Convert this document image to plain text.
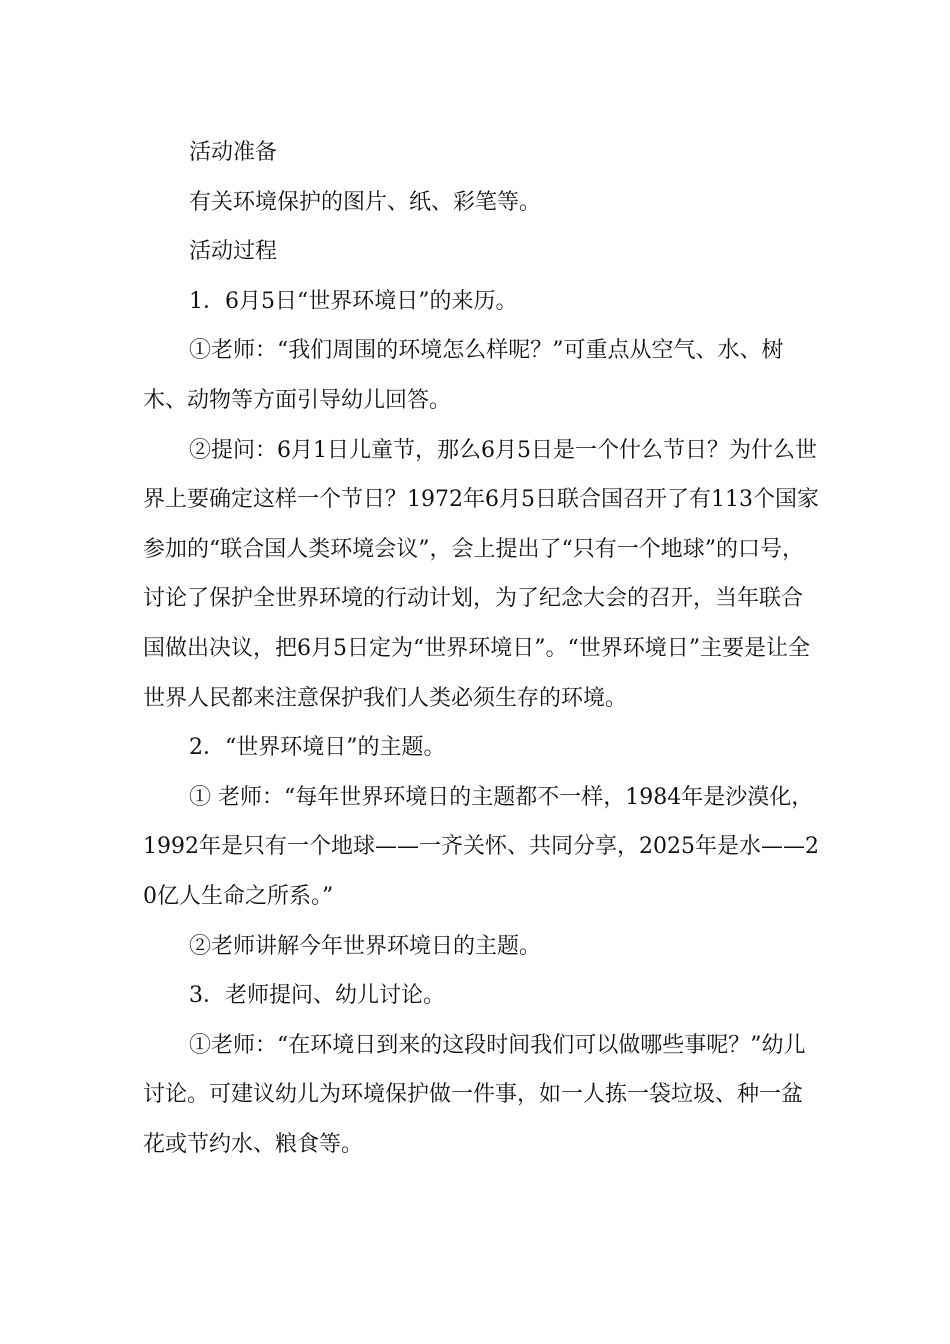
活动准备

有关环境保护的图片、纸、彩笔等。

活动过程

1．6月5日“世界环境日”的来历。

①老师：“我们周围的环境怎么样呢？”可重点从空气、水、树木、动物等方面引导幼儿回答。

②提问：6月1日儿童节，那么6月5日是一个什么节日？为什么世界上要确定这样一个节日？1972年6月5日联合国召开了有113个国家参加的“联合国人类环境会议”，会上提出了“只有一个地球”的口号，讨论了保护全世界环境的行动计划，为了纪念大会的召开，当年联合国做出决议，把6月5日定为“世界环境日”。“世界环境日”主要是让全世界人民都来注意保护我们人类必须生存的环境。

2．“世界环境日”的主题。

① 老师：“每年世界环境日的主题都不一样，1984年是沙漠化，1992年是只有一个地球——一齐关怀、共同分享，2025年是水——20亿人生命之所系。”

②老师讲解今年世界环境日的主题。

3．老师提问、幼儿讨论。

①老师：“在环境日到来的这段时间我们可以做哪些事呢？”幼儿讨论。可建议幼儿为环境保护做一件事，如一人拣一袋垃圾、种一盆花或节约水、粮食等。
